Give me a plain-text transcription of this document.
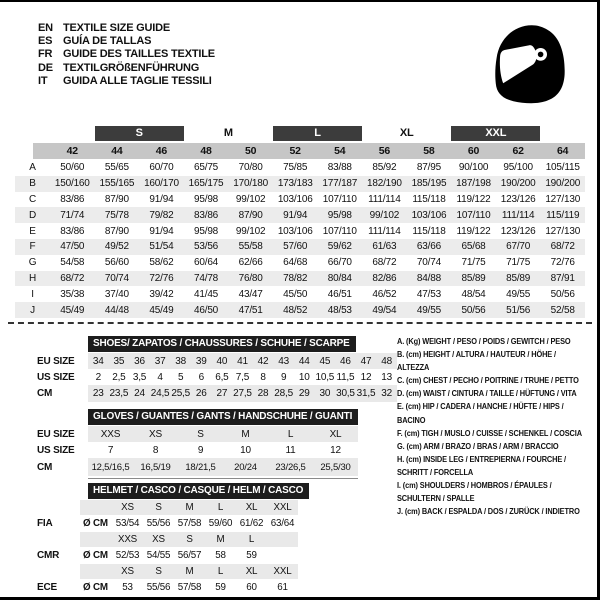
EN TEXTILE SIZE GUIDE
ES GUÍA DE TALLAS
FR GUIDE DES TAILLES TEXTILE
DE TEXTILGRÖßENFÜHRUNG
IT	GUIDA ALLE TAGLIE TESSILI
S	M	L	XL	XXL
42	44	46	48	50	52	54	56	58	60	62	64
A	50/60	55/65	60/70	65/75	70/80	75/85	83/88	85/92	87/95	90/100	95/100	105/115
B	150/160 155/165 160/170 165/175 170/180 173/183 177/187 182/190 185/195 187/198 190/200 190/200
C	83/86	87/90	91/94	95/98	99/102	103/106	107/110	111/114	115/118	119/122	123/126 127/130
D	71/74	75/78	79/82	83/86	87/90	91/94	95/98	99/102	103/106	107/110	111/114	115/119
E	83/86	87/90	91/94	95/98	99/102	103/106	107/110	111/114	115/118	119/122	123/126 127/130
F	47/50	49/52	51/54	53/56	55/58	57/60	59/62	61/63	63/66	65/68	67/70	68/72
G	54/58	56/60	58/62	60/64	62/66	64/68	66/70	68/72	70/74	71/75	71/75	72/76
H	68/72	70/74	72/76	74/78	76/80	78/82	80/84	82/86	84/88	85/89	85/89	87/91
I	35/38	37/40	39/42	41/45	43/47	45/50	46/51	46/52	47/53	48/54	49/55	50/56
J	45/49	44/48	45/49	46/50	47/51	48/52	48/53	49/54	49/55	50/56	51/56	52/58
SHOES/ ZAPATOS / CHAUSSURES / SCHUHE / SCARPE
EU SIZE	34 35 36 37 38 39 40 41 42 43 44 45 46 47 48
US SIZE	2	2,5 3,5	4	5	6	6,5 7,5	8	9	10 10,5 11,5 12 13
CM	23 23,5 24 24,5 25,5 26 27 27,5 28 28,5 29 30 30,5 31,5 32
GLOVES / GUANTES / GANTS / HANDSCHUHE / GUANTI
EU SIZE	XXS	XS	S	M	L	XL
US SIZE	7	8	9	10	11	12
CM	12,5/16,5	16,5/19	18/21,5	20/24	23/26,5	25,5/30
HELMET / CASCO / CASQUE / HELM / CASCO
XS	S	M	L	XL	XXL
FIA	Ø CM 53/54 55/56 57/58 59/60 61/62 63/64
XXS	XS	S	M	L
CMR	Ø CM 52/53 54/55 56/57	58	59
XS	S	M	L	XL	XXL
ECE	Ø CM	53	55/56 57/58	59	60	61
A. (Kg) WEIGHT / PESO / POIDS / GEWITCH / PESO
B. (cm) HEIGHT / ALTURA / HAUTEUR / HÖHE / ALTEZZA
C. (cm) CHEST / PECHO / POITRINE / TRUHE / PETTO
D. (cm) WAIST / CINTURA / TAILLE / HÜFTUNG / VITA
E. (cm) HIP / CADERA / HANCHE / HÜFTE / HIPS / BACINO
F. (cm) TIGH / MUSLO / CUISSE / SCHENKEL / COSCIA
G. (cm) ARM / BRAZO / BRAS / ARM / BRACCIO
H. (cm) INSIDE LEG / ENTREPIERNA / FOURCHE / SCHRITT / FORCELLA
I. (cm) SHOULDERS / HOMBROS / ÉPAULES / SCHULTERN / SPALLE
J. (cm) BACK / ESPALDA / DOS / ZURÜCK / INDIETRO
